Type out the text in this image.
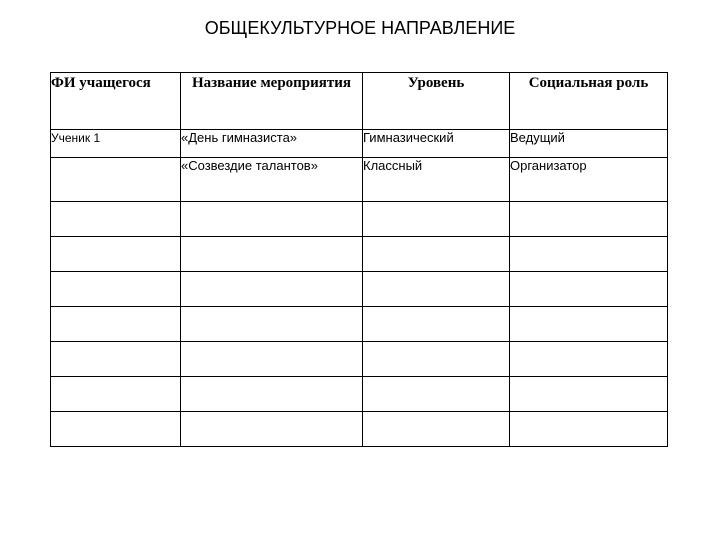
ОБЩЕКУЛЬТУРНОЕ НАПРАВЛЕНИЕ
ФИ учащегося	Название мероприятия	Уровень	Социальная роль
Ученик 1	«День гимназиста»	Гимназический	Ведущий
	«Созвездие талантов»	Классный	Организатор
